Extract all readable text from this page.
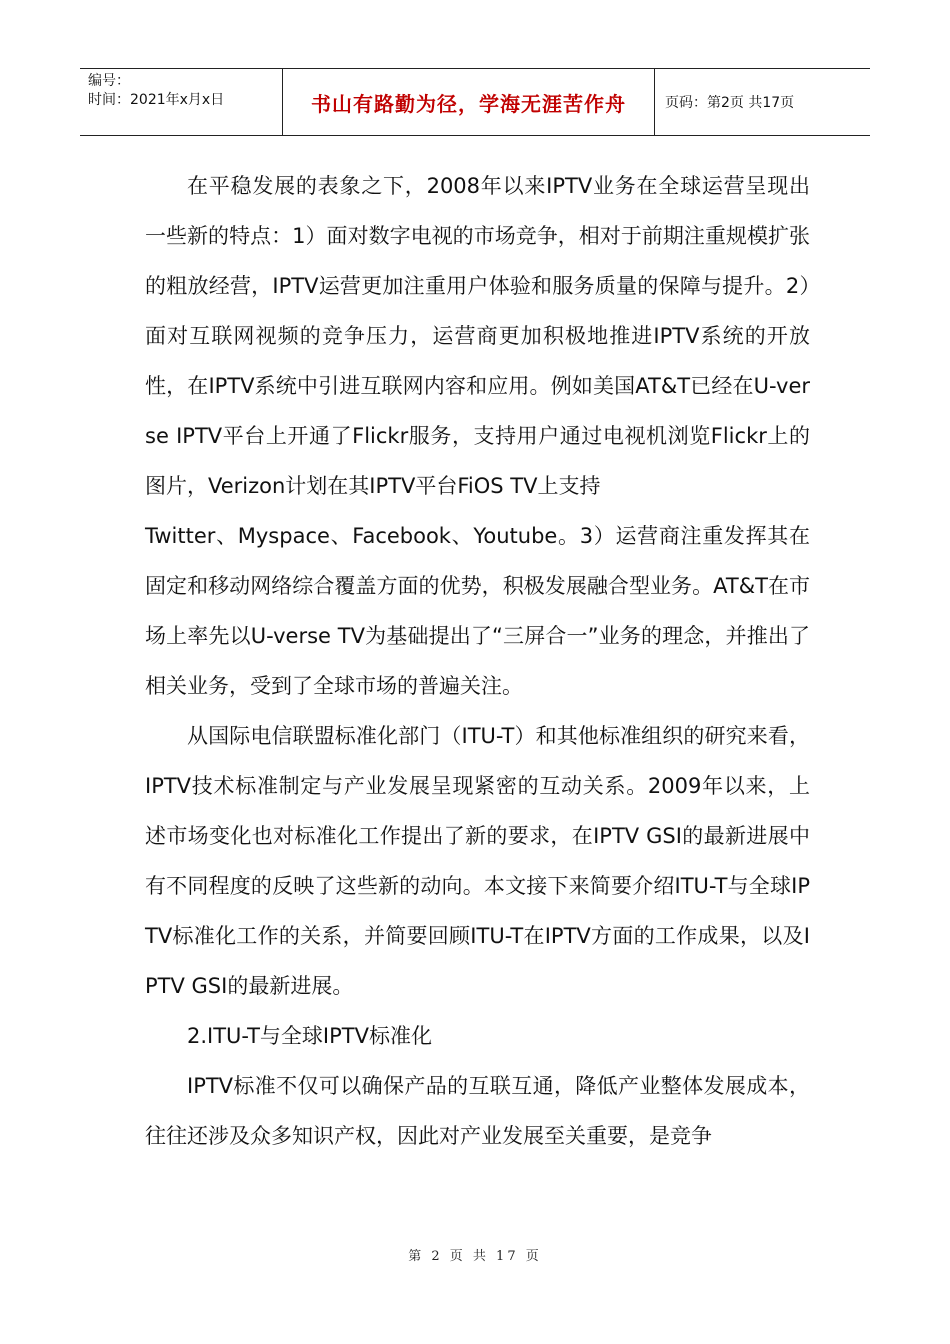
编号：
时间：2021年x月x日	书山有路勤为径，学海无涯苦作舟	页码：第2页 共17页

在平稳发展的表象之下，2008年以来IPTV业务在全球运营呈现出一些新的特点：1）面对数字电视的市场竞争，相对于前期注重规模扩张的粗放经营，IPTV运营更加注重用户体验和服务质量的保障与提升。2）面对互联网视频的竞争压力，运营商更加积极地推进IPTV系统的开放性，在IPTV系统中引进互联网内容和应用。例如美国AT&T已经在U-verse IPTV平台上开通了Flickr服务，支持用户通过电视机浏览Flickr上的图片，Verizon计划在其IPTV平台FiOS TV上支持

Twitter、Myspace、Facebook、Youtube。3）运营商注重发挥其在固定和移动网络综合覆盖方面的优势，积极发展融合型业务。AT&T在市场上率先以U-verse TV为基础提出了“三屏合一”业务的理念，并推出了相关业务，受到了全球市场的普遍关注。

从国际电信联盟标准化部门（ITU-T）和其他标准组织的研究来看，IPTV技术标准制定与产业发展呈现紧密的互动关系。2009年以来，上述市场变化也对标准化工作提出了新的要求，在IPTV GSI的最新进展中有不同程度的反映了这些新的动向。本文接下来简要介绍ITU-T与全球IPTV标准化工作的关系，并简要回顾ITU-T在IPTV方面的工作成果，以及IPTV GSI的最新进展。

2.ITU-T与全球IPTV标准化

IPTV标准不仅可以确保产品的互联互通，降低产业整体发展成本，往往还涉及众多知识产权，因此对产业发展至关重要，是竞争

第 2 页 共 17 页
